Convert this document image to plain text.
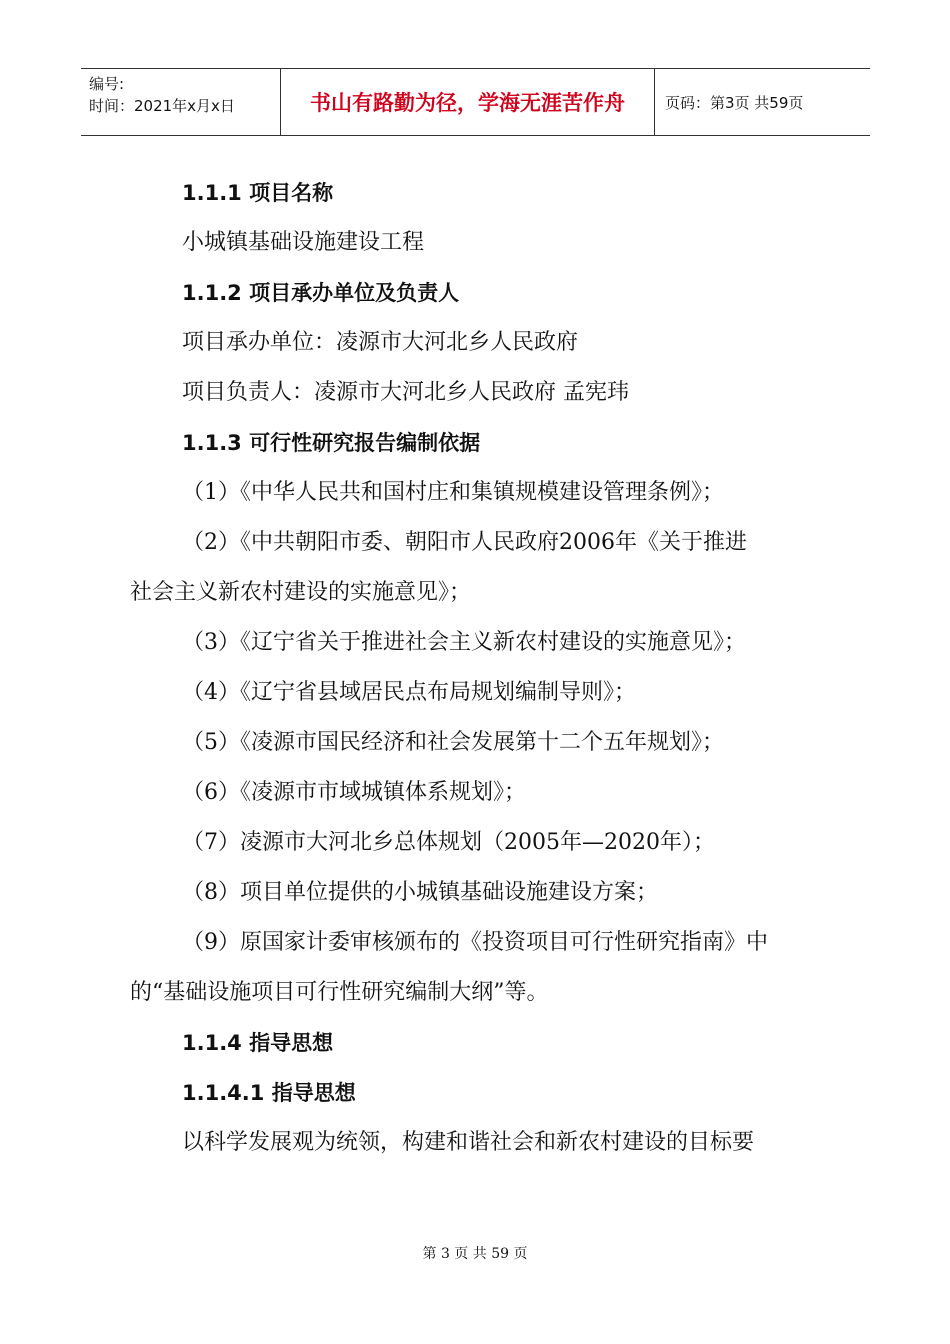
编号:
时间：2021年x月x日	书山有路勤为径，学海无涯苦作舟	页码：第3页 共59页
1.1.1 项目名称
小城镇基础设施建设工程
1.1.2 项目承办单位及负责人
项目承办单位：凌源市大河北乡人民政府
项目负责人：凌源市大河北乡人民政府 孟宪玮
1.1.3 可行性研究报告编制依据
（1）《中华人民共和国村庄和集镇规模建设管理条例》；
（2）《中共朝阳市委、朝阳市人民政府2006年《关于推进
社会主义新农村建设的实施意见》；
（3）《辽宁省关于推进社会主义新农村建设的实施意见》；
（4）《辽宁省县域居民点布局规划编制导则》；
（5）《凌源市国民经济和社会发展第十二个五年规划》；
（6）《凌源市市域城镇体系规划》；
（7）凌源市大河北乡总体规划（2005年—2020年）；
（8）项目单位提供的小城镇基础设施建设方案；
（9）原国家计委审核颁布的《投资项目可行性研究指南》中
的“基础设施项目可行性研究编制大纲”等。
1.1.4 指导思想
1.1.4.1 指导思想
以科学发展观为统领，构建和谐社会和新农村建设的目标要
第 3 页 共 59 页
